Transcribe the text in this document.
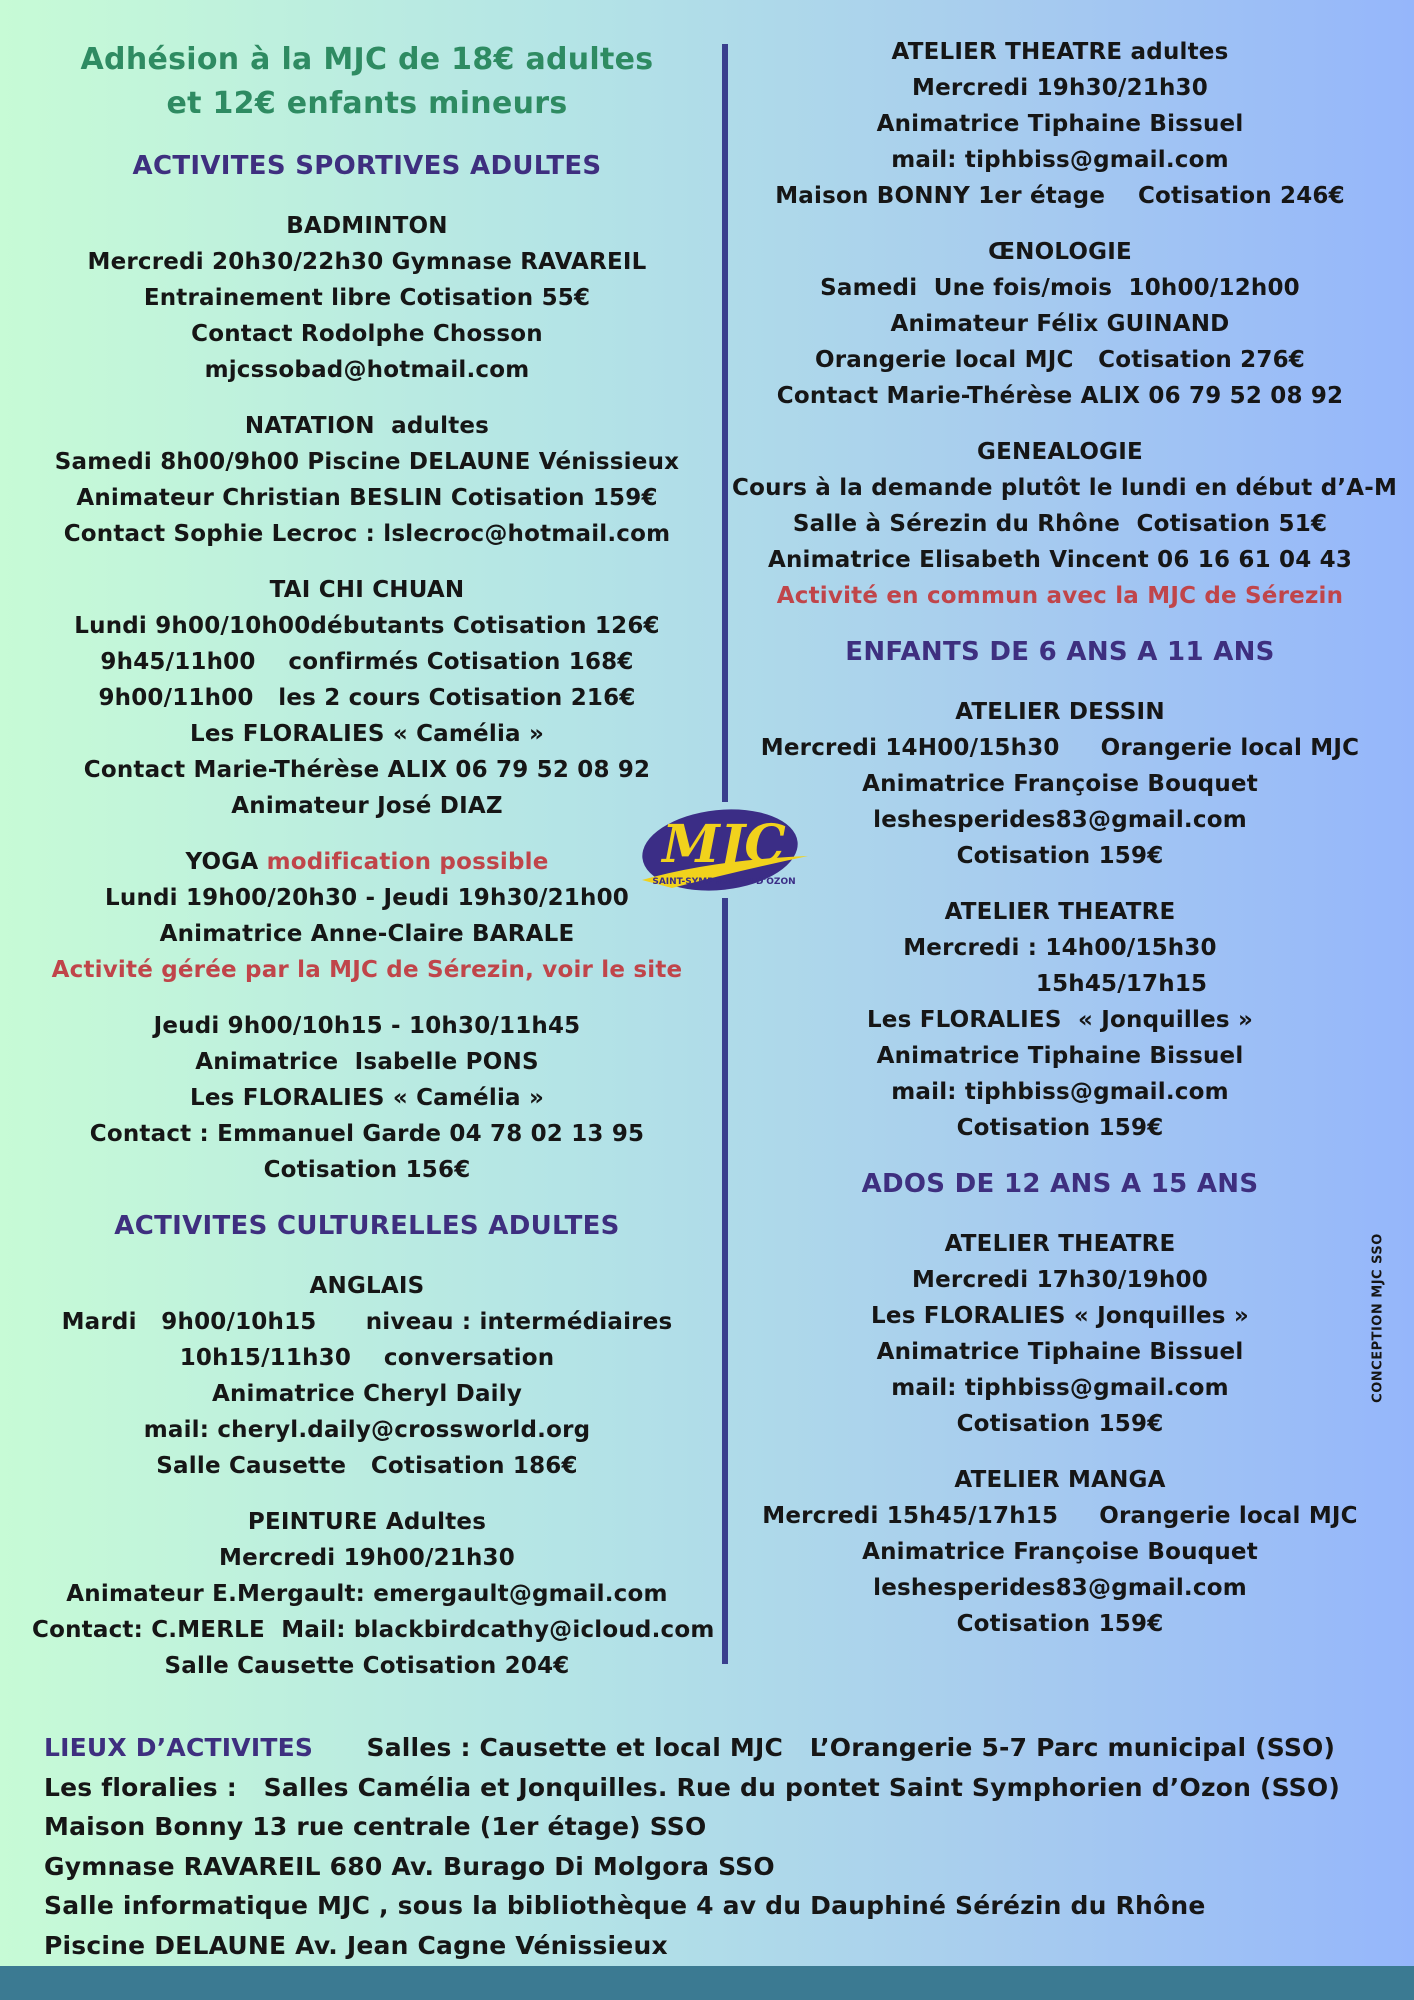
Adhésion à la MJC de 18€ adultes
et 12€ enfants mineurs
ACTIVITES SPORTIVES ADULTES
BADMINTON
Mercredi 20h30/22h30 Gymnase RAVAREIL
Entrainement libre Cotisation 55€
Contact Rodolphe Chosson
mjcssobad@hotmail.com
NATATION  adultes
Samedi 8h00/9h00 Piscine DELAUNE Vénissieux
Animateur Christian BESLIN Cotisation 159€
Contact Sophie Lecroc : lslecroc@hotmail.com
TAI CHI CHUAN
Lundi 9h00/10h00débutants Cotisation 126€
9h45/11h00    confirmés Cotisation 168€
9h00/11h00   les 2 cours Cotisation 216€
Les FLORALIES « Camélia »
Contact Marie-Thérèse ALIX 06 79 52 08 92
Animateur José DIAZ
YOGA modification possible
Lundi 19h00/20h30 - Jeudi 19h30/21h00
Animatrice Anne-Claire BARALE
Activité gérée par la MJC de Sérezin, voir le site
Jeudi 9h00/10h15 - 10h30/11h45
Animatrice  Isabelle PONS
Les FLORALIES « Camélia »
Contact : Emmanuel Garde 04 78 02 13 95
Cotisation 156€
ACTIVITES CULTURELLES ADULTES
ANGLAIS
Mardi   9h00/10h15      niveau : intermédiaires
10h15/11h30    conversation
Animatrice Cheryl Daily
mail: cheryl.daily@crossworld.org
Salle Causette   Cotisation 186€
PEINTURE Adultes
Mercredi 19h00/21h30
Animateur E.Mergault: emergault@gmail.com
Contact: C.MERLE  Mail: blackbirdcathy@icloud.com
Salle Causette Cotisation 204€
ATELIER THEATRE adultes
Mercredi 19h30/21h30
Animatrice Tiphaine Bissuel
mail: tiphbiss@gmail.com
Maison BONNY 1er étage    Cotisation 246€
ŒNOLOGIE
Samedi  Une fois/mois  10h00/12h00
Animateur Félix GUINAND
Orangerie local MJC   Cotisation 276€
Contact Marie-Thérèse ALIX 06 79 52 08 92
GENEALOGIE
Cours à la demande plutôt le lundi en début d’A-M
Salle à Sérezin du Rhône  Cotisation 51€
Animatrice Elisabeth Vincent 06 16 61 04 43
Activité en commun avec la MJC de Sérezin
ENFANTS DE 6 ANS A 11 ANS
ATELIER DESSIN
Mercredi 14H00/15h30     Orangerie local MJC
Animatrice Françoise Bouquet
leshesperides83@gmail.com
Cotisation 159€
ATELIER THEATRE
Mercredi : 14h00/15h30
15h45/17h15
Les FLORALIES  « Jonquilles »
Animatrice Tiphaine Bissuel
mail: tiphbiss@gmail.com
Cotisation 159€
ADOS DE 12 ANS A 15 ANS
ATELIER THEATRE
Mercredi 17h30/19h00
Les FLORALIES « Jonquilles »
Animatrice Tiphaine Bissuel
mail: tiphbiss@gmail.com
Cotisation 159€
ATELIER MANGA
Mercredi 15h45/17h15     Orangerie local MJC
Animatrice Françoise Bouquet
leshesperides83@gmail.com
Cotisation 159€
MJC
SAINT-SYMPHORIEN D'OZON
CONCEPTION MJC SSO
LIEUX D’ACTIVITES      Salles : Causette et local MJC   L’Orangerie 5-7 Parc municipal (SSO)
Les floralies :   Salles Camélia et Jonquilles. Rue du pontet Saint Symphorien d’Ozon (SSO)
Maison Bonny 13 rue centrale (1er étage) SSO
Gymnase RAVAREIL 680 Av. Burago Di Molgora SSO
Salle informatique MJC , sous la bibliothèque 4 av du Dauphiné Sérézin du Rhône
Piscine DELAUNE Av. Jean Cagne Vénissieux
